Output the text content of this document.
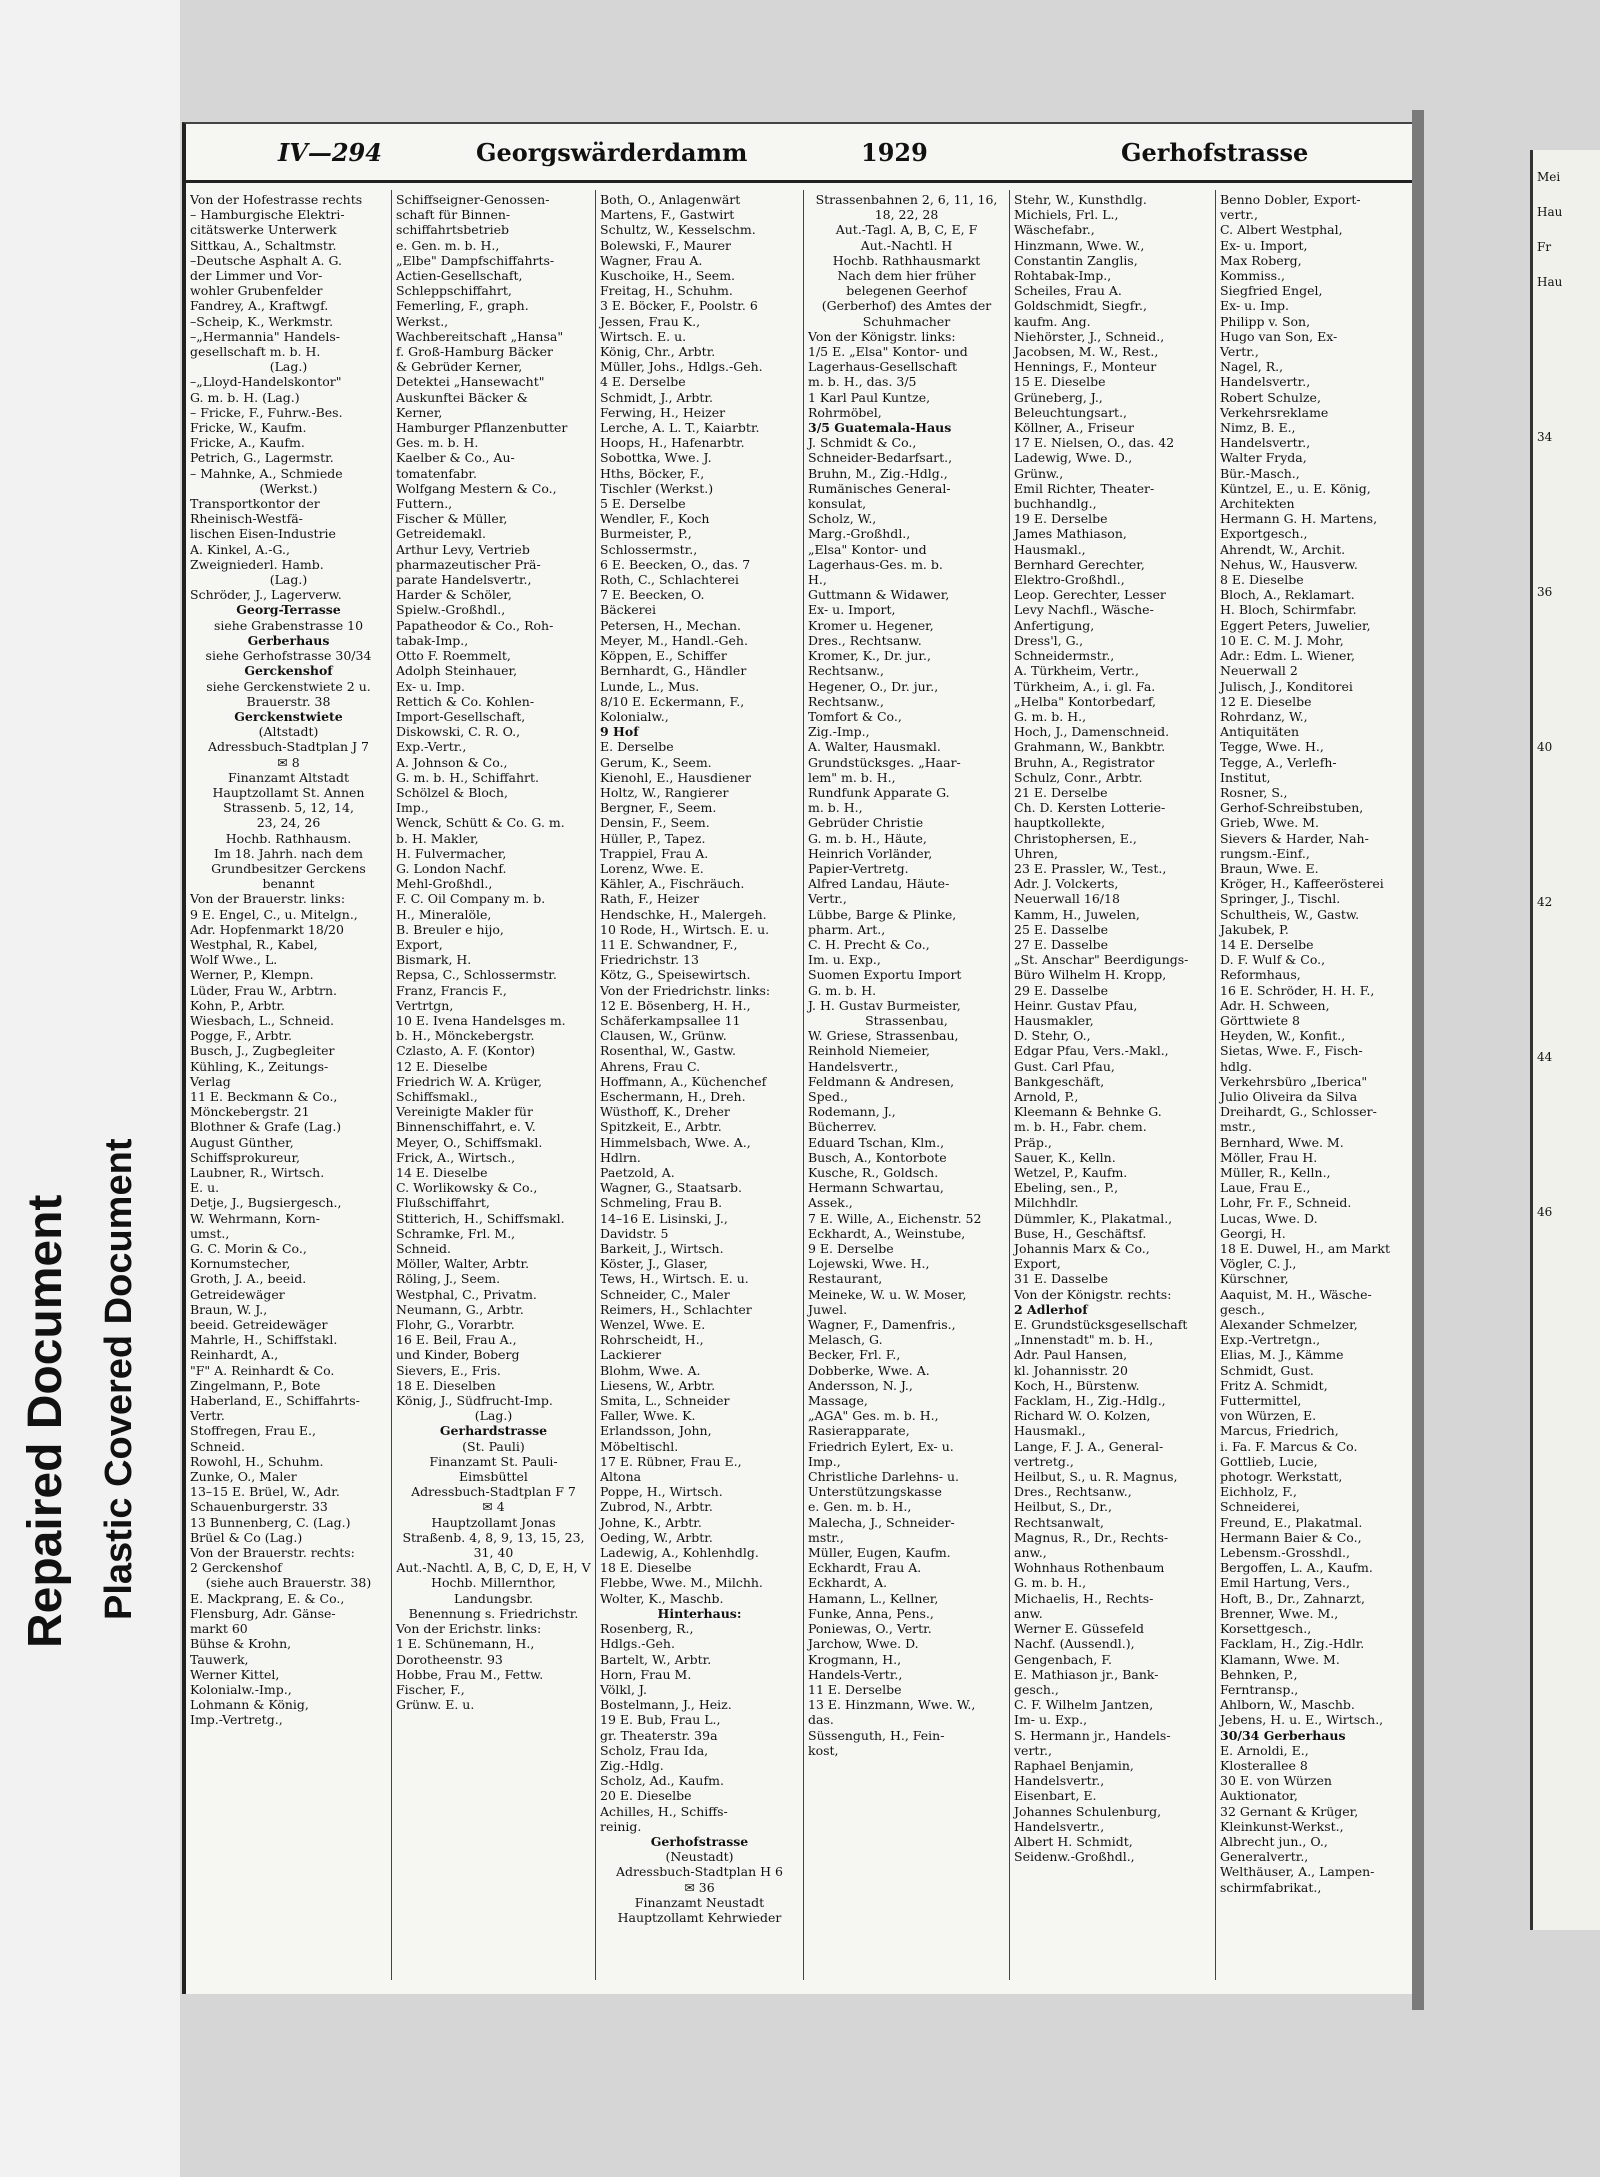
Repaired Document Plastic Covered Document
IV—294	Georgswärderdamm	1929	Gerhofstrasse
Von der Hofestrasse rechts
– Hamburgische Elektri-
citätswerke Unterwerk
Sittkau, A., Schaltmstr.
–Deutsche Asphalt A. G.
der Limmer und Vor-
wohler Grubenfelder
Fandrey, A., Kraftwgf.
–Scheip, K., Werkmstr.
–„Hermannia" Handels-
gesellschaft m. b. H.
(Lag.)
–„Lloyd-Handelskontor"
G. m. b. H. (Lag.)
– Fricke, F., Fuhrw.-Bes.
Fricke, W., Kaufm.
Fricke, A., Kaufm.
Petrich, G., Lagermstr.
– Mahnke, A., Schmiede
(Werkst.)
Transportkontor der
Rheinisch-Westfä-
lischen Eisen-Industrie
A. Kinkel, A.-G.,
Zweigniederl. Hamb.
(Lag.)
Schröder, J., Lagerverw.
Georg-Terrasse
siehe Grabenstrasse 10
Gerberhaus
siehe Gerhofstrasse 30/34
Gerckenshof
siehe Gerckenstwiete 2 u.
Brauerstr. 38
Gerckenstwiete
(Altstadt)
Adressbuch-Stadtplan J 7
✉ 8
Finanzamt Altstadt
Hauptzollamt St. Annen
Strassenb. 5, 12, 14,
23, 24, 26
Hochb. Rathhausm.
Im 18. Jahrh. nach dem
Grundbesitzer Gerckens
benannt
Von der Brauerstr. links:
9 E. Engel, C., u. Mitelgn.,
Adr. Hopfenmarkt 18/20
Westphal, R., Kabel,
Wolf Wwe., L.
Werner, P., Klempn.
Lüder, Frau W., Arbtrn.
Kohn, P., Arbtr.
Wiesbach, L., Schneid.
Pogge, F., Arbtr.
Busch, J., Zugbegleiter
Kühling, K., Zeitungs-
Verlag
11 E. Beckmann & Co.,
Mönckebergstr. 21
Blothner & Grafe (Lag.)
August Günther,
Schiffsprokureur,
Laubner, R., Wirtsch.
E. u.
Detje, J., Bugsiergesch.,
W. Wehrmann, Korn-
umst.,
G. C. Morin & Co.,
Kornumstecher,
Groth, J. A., beeid.
Getreidewäger
Braun, W. J.,
beeid. Getreidewäger
Mahrle, H., Schiffstakl.
Reinhardt, A.,
"F" A. Reinhardt & Co.
Zingelmann, P., Bote
Haberland, E., Schiffahrts-
Vertr.
Stoffregen, Frau E.,
Schneid.
Rowohl, H., Schuhm.
Zunke, O., Maler
13–15 E. Brüel, W., Adr.
Schauenburgerstr. 33
13 Bunnenberg, C. (Lag.)
Brüel & Co (Lag.)
Von der Brauerstr. rechts:
2 Gerckenshof
(siehe auch Brauerstr. 38)
E. Mackprang, E. & Co.,
Flensburg, Adr. Gänse-
markt 60
Bühse & Krohn,
Tauwerk,
Werner Kittel,
Kolonialw.-Imp.,
Lohmann & König,
Imp.-Vertretg.,
Schiffseigner-Genossen-
schaft für Binnen-
schiffahrtsbetrieb
e. Gen. m. b. H.,
„Elbe" Dampfschiffahrts-
Actien-Gesellschaft,
Schleppschiffahrt,
Femerling, F., graph.
Werkst.,
Wachbereitschaft „Hansa"
f. Groß-Hamburg Bäcker
& Gebrüder Kerner,
Detektei „Hansewacht"
Auskunftei Bäcker &
Kerner,
Hamburger Pflanzenbutter
Ges. m. b. H.
Kaelber & Co., Au-
tomatenfabr.
Wolfgang Mestern & Co.,
Futtern.,
Fischer & Müller,
Getreidemakl.
Arthur Levy, Vertrieb
pharmazeutischer Prä-
parate Handelsvertr.,
Harder & Schöler,
Spielw.-Großhdl.,
Papatheodor & Co., Roh-
tabak-Imp.,
Otto F. Roemmelt,
Adolph Steinhauer,
Ex- u. Imp.
Rettich & Co. Kohlen-
Import-Gesellschaft,
Diskowski, C. R. O.,
Exp.-Vertr.,
A. Johnson & Co.,
G. m. b. H., Schiffahrt.
Schölzel & Bloch,
Imp.,
Wenck, Schütt & Co. G. m.
b. H. Makler,
H. Fulvermacher,
G. London Nachf.
Mehl-Großhdl.,
F. C. Oil Company m. b.
H., Mineralöle,
B. Breuler e hijo,
Export,
Bismark, H.
Repsa, C., Schlossermstr.
Franz, Francis F.,
Vertrtgn,
10 E. Ivena Handelsges m.
b. H., Mönckebergstr.
Czlasto, A. F. (Kontor)
12 E. Dieselbe
Friedrich W. A. Krüger,
Schiffsmakl.,
Vereinigte Makler für
Binnenschiffahrt, e. V.
Meyer, O., Schiffsmakl.
Frick, A., Wirtsch.,
14 E. Dieselbe
C. Worlikowsky & Co.,
Flußschiffahrt,
Stitterich, H., Schiffsmakl.
Schramke, Frl. M.,
Schneid.
Möller, Walter, Arbtr.
Röling, J., Seem.
Westphal, C., Privatm.
Neumann, G., Arbtr.
Flohr, G., Vorarbtr.
16 E. Beil, Frau A.,
und Kinder, Boberg
Sievers, E., Fris.
18 E. Dieselben
König, J., Südfrucht-Imp.
(Lag.)
Gerhardstrasse
(St. Pauli)
Finanzamt St. Pauli-
Eimsbüttel
Adressbuch-Stadtplan F 7
✉ 4
Hauptzollamt Jonas
Straßenb. 4, 8, 9, 13, 15, 23,
31, 40
Aut.-Nachtl. A, B, C, D, E, H, V
Hochb. Millernthor,
Landungsbr.
Benennung s. Friedrichstr.
Von der Erichstr. links:
1 E. Schünemann, H.,
Dorotheenstr. 93
Hobbe, Frau M., Fettw.
Fischer, F.,
Grünw. E. u.
Both, O., Anlagenwärt
Martens, F., Gastwirt
Schultz, W., Kesselschm.
Bolewski, F., Maurer
Wagner, Frau A.
Kuschoike, H., Seem.
Freitag, H., Schuhm.
3 E. Böcker, F., Poolstr. 6
Jessen, Frau K.,
Wirtsch. E. u.
König, Chr., Arbtr.
Müller, Johs., Hdlgs.-Geh.
4 E. Derselbe
Schmidt, J., Arbtr.
Ferwing, H., Heizer
Lerche, A. L. T., Kaiarbtr.
Hoops, H., Hafenarbtr.
Sobottka, Wwe. J.
Hths, Böcker, F.,
Tischler (Werkst.)
5 E. Derselbe
Wendler, F., Koch
Burmeister, P.,
Schlossermstr.,
6 E. Beecken, O., das. 7
Roth, C., Schlachterei
7 E. Beecken, O.
Bäckerei
Petersen, H., Mechan.
Meyer, M., Handl.-Geh.
Köppen, E., Schiffer
Bernhardt, G., Händler
Lunde, L., Mus.
8/10 E. Eckermann, F.,
Kolonialw.,
9 Hof
E. Derselbe
Gerum, K., Seem.
Kienohl, E., Hausdiener
Holtz, W., Rangierer
Bergner, F., Seem.
Densin, F., Seem.
Hüller, P., Tapez.
Trappiel, Frau A.
Lorenz, Wwe. E.
Kähler, A., Fischräuch.
Rath, F., Heizer
Hendschke, H., Malergeh.
10 Rode, H., Wirtsch. E. u.
11 E. Schwandner, F.,
Friedrichstr. 13
Kötz, G., Speisewirtsch.
Von der Friedrichstr. links:
12 E. Bösenberg, H. H.,
Schäferkampsallee 11
Clausen, W., Grünw.
Rosenthal, W., Gastw.
Ahrens, Frau C.
Hoffmann, A., Küchenchef
Eschermann, H., Dreh.
Wüsthoff, K., Dreher
Spitzkeit, E., Arbtr.
Himmelsbach, Wwe. A.,
Hdlrn.
Paetzold, A.
Wagner, G., Staatsarb.
Schmeling, Frau B.
14–16 E. Lisinski, J.,
Davidstr. 5
Barkeit, J., Wirtsch.
Köster, J., Glaser,
Tews, H., Wirtsch. E. u.
Schneider, C., Maler
Reimers, H., Schlachter
Wenzel, Wwe. E.
Rohrscheidt, H.,
Lackierer
Blohm, Wwe. A.
Liesens, W., Arbtr.
Smita, L., Schneider
Faller, Wwe. K.
Erlandsson, John,
Möbeltischl.
17 E. Rübner, Frau E.,
Altona
Poppe, H., Wirtsch.
Zubrod, N., Arbtr.
Johne, K., Arbtr.
Oeding, W., Arbtr.
Ladewig, A., Kohlenhdlg.
18 E. Dieselbe
Flebbe, Wwe. M., Milchh.
Wolter, K., Maschb.
Hinterhaus:
Rosenberg, R.,
Hdlgs.-Geh.
Bartelt, W., Arbtr.
Horn, Frau M.
Völkl, J.
Bostelmann, J., Heiz.
19 E. Bub, Frau L.,
gr. Theaterstr. 39a
Scholz, Frau Ida,
Zig.-Hdlg.
Scholz, Ad., Kaufm.
20 E. Dieselbe
Achilles, H., Schiffs-
reinig.
Gerhofstrasse
(Neustadt)
Adressbuch-Stadtplan H 6
✉ 36
Finanzamt Neustadt
Hauptzollamt Kehrwieder
Strassenbahnen 2, 6, 11, 16,
18, 22, 28
Aut.-Tagl. A, B, C, E, F
Aut.-Nachtl. H
Hochb. Rathhausmarkt
Nach dem hier früher
belegenen Geerhof
(Gerberhof) des Amtes der
Schuhmacher
Von der Königstr. links:
1/5 E. „Elsa" Kontor- und
Lagerhaus-Gesellschaft
m. b. H., das. 3/5
1 Karl Paul Kuntze,
Rohrmöbel,
3/5 Guatemala-Haus
J. Schmidt & Co.,
Schneider-Bedarfsart.,
Bruhn, M., Zig.-Hdlg.,
Rumänisches General-
konsulat,
Scholz, W.,
Marg.-Großhdl.,
„Elsa" Kontor- und
Lagerhaus-Ges. m. b.
H.,
Guttmann & Widawer,
Ex- u. Import,
Kromer u. Hegener,
Dres., Rechtsanw.
Kromer, K., Dr. jur.,
Rechtsanw.,
Hegener, O., Dr. jur.,
Rechtsanw.,
Tomfort & Co.,
Zig.-Imp.,
A. Walter, Hausmakl.
Grundstücksges. „Haar-
lem" m. b. H.,
Rundfunk Apparate G.
m. b. H.,
Gebrüder Christie
G. m. b. H., Häute,
Heinrich Vorländer,
Papier-Vertretg.
Alfred Landau, Häute-
Vertr.,
Lübbe, Barge & Plinke,
pharm. Art.,
C. H. Precht & Co.,
Im. u. Exp.,
Suomen Exportu Import
G. m. b. H.
J. H. Gustav Burmeister,
Strassenbau,
W. Griese, Strassenbau,
Reinhold Niemeier,
Handelsvertr.,
Feldmann & Andresen,
Sped.,
Rodemann, J.,
Bücherrev.
Eduard Tschan, Klm.,
Busch, A., Kontorbote
Kusche, R., Goldsch.
Hermann Schwartau,
Assek.,
7 E. Wille, A., Eichenstr. 52
Eckhardt, A., Weinstube,
9 E. Derselbe
Lojewski, Wwe. H.,
Restaurant,
Meineke, W. u. W. Moser,
Juwel.
Wagner, F., Damenfris.,
Melasch, G.
Becker, Frl. F.,
Dobberke, Wwe. A.
Andersson, N. J.,
Massage,
„AGA" Ges. m. b. H.,
Rasierapparate,
Friedrich Eylert, Ex- u.
Imp.,
Christliche Darlehns- u.
Unterstützungskasse
e. Gen. m. b. H.,
Malecha, J., Schneider-
mstr.,
Müller, Eugen, Kaufm.
Eckhardt, Frau A.
Eckhardt, A.
Hamann, L., Kellner,
Funke, Anna, Pens.,
Poniewas, O., Vertr.
Jarchow, Wwe. D.
Krogmann, H.,
Handels-Vertr.,
11 E. Derselbe
13 E. Hinzmann, Wwe. W.,
das.
Süssenguth, H., Fein-
kost,
Stehr, W., Kunsthdlg.
Michiels, Frl. L.,
Wäschefabr.,
Hinzmann, Wwe. W.,
Constantin Zanglis,
Rohtabak-Imp.,
Scheiles, Frau A.
Goldschmidt, Siegfr.,
kaufm. Ang.
Niehörster, J., Schneid.,
Jacobsen, M. W., Rest.,
Hennings, F., Monteur
15 E. Dieselbe
Grüneberg, J.,
Beleuchtungsart.,
Köllner, A., Friseur
17 E. Nielsen, O., das. 42
Ladewig, Wwe. D.,
Grünw.,
Emil Richter, Theater-
buchhandlg.,
19 E. Derselbe
James Mathiason,
Hausmakl.,
Bernhard Gerechter,
Elektro-Großhdl.,
Leop. Gerechter, Lesser
Levy Nachfl., Wäsche-
Anfertigung,
Dress'l, G.,
Schneidermstr.,
A. Türkheim, Vertr.,
Türkheim, A., i. gl. Fa.
„Helba" Kontorbedarf,
G. m. b. H.,
Hoch, J., Damenschneid.
Grahmann, W., Bankbtr.
Bruhn, A., Registrator
Schulz, Conr., Arbtr.
21 E. Derselbe
Ch. D. Kersten Lotterie-
hauptkollekte,
Christophersen, E.,
Uhren,
23 E. Prassler, W., Test.,
Adr. J. Volckerts,
Neuerwall 16/18
Kamm, H., Juwelen,
25 E. Dasselbe
27 E. Dasselbe
„St. Anschar" Beerdigungs-
Büro Wilhelm H. Kropp,
29 E. Dasselbe
Heinr. Gustav Pfau,
Hausmakler,
D. Stehr, O.,
Edgar Pfau, Vers.-Makl.,
Gust. Carl Pfau,
Bankgeschäft,
Arnold, P.,
Kleemann & Behnke G.
m. b. H., Fabr. chem.
Präp.,
Sauer, K., Kelln.
Wetzel, P., Kaufm.
Ebeling, sen., P.,
Milchhdlr.
Dümmler, K., Plakatmal.,
Buse, H., Geschäftsf.
Johannis Marx & Co.,
Export,
31 E. Dasselbe
Von der Königstr. rechts:
2 Adlerhof
E. Grundstücksgesellschaft
„Innenstadt" m. b. H.,
Adr. Paul Hansen,
kl. Johannisstr. 20
Koch, H., Bürstenw.
Facklam, H., Zig.-Hdlg.,
Richard W. O. Kolzen,
Hausmakl.,
Lange, F. J. A., General-
vertretg.,
Heilbut, S., u. R. Magnus,
Dres., Rechtsanw.,
Heilbut, S., Dr.,
Rechtsanwalt,
Magnus, R., Dr., Rechts-
anw.,
Wohnhaus Rothenbaum
G. m. b. H.,
Michaelis, H., Rechts-
anw.
Werner E. Güssefeld
Nachf. (Aussendl.),
Gengenbach, F.
E. Mathiason jr., Bank-
gesch.,
C. F. Wilhelm Jantzen,
Im- u. Exp.,
S. Hermann jr., Handels-
vertr.,
Raphael Benjamin,
Handelsvertr.,
Eisenbart, E.
Johannes Schulenburg,
Handelsvertr.,
Albert H. Schmidt,
Seidenw.-Großhdl.,
Benno Dobler, Export-
vertr.,
C. Albert Westphal,
Ex- u. Import,
Max Roberg,
Kommiss.,
Siegfried Engel,
Ex- u. Imp.
Philipp v. Son,
Hugo van Son, Ex-
Vertr.,
Nagel, R.,
Handelsvertr.,
Robert Schulze,
Verkehrsreklame
Nimz, B. E.,
Handelsvertr.,
Walter Fryda,
Bür.-Masch.,
Küntzel, E., u. E. König,
Architekten
Hermann G. H. Martens,
Exportgesch.,
Ahrendt, W., Archit.
Nehus, W., Hausverw.
8 E. Dieselbe
Bloch, A., Reklamart.
H. Bloch, Schirmfabr.
Eggert Peters, Juwelier,
10 E. C. M. J. Mohr,
Adr.: Edm. L. Wiener,
Neuerwall 2
Julisch, J., Konditorei
12 E. Dieselbe
Rohrdanz, W.,
Antiquitäten
Tegge, Wwe. H.,
Tegge, A., Verlefh-
Institut,
Rosner, S.,
Gerhof-Schreibstuben,
Grieb, Wwe. M.
Sievers & Harder, Nah-
rungsm.-Einf.,
Braun, Wwe. E.
Kröger, H., Kaffeerösterei
Springer, J., Tischl.
Schultheis, W., Gastw.
Jakubek, P.
14 E. Derselbe
D. F. Wulf & Co.,
Reformhaus,
16 E. Schröder, H. H. F.,
Adr. H. Schween,
Görttwiete 8
Heyden, W., Konfit.,
Sietas, Wwe. F., Fisch-
hdlg.
Verkehrsbüro „Iberica"
Julio Oliveira da Silva
Dreihardt, G., Schlosser-
mstr.,
Bernhard, Wwe. M.
Möller, Frau H.
Müller, R., Kelln.,
Laue, Frau E.,
Lohr, Fr. F., Schneid.
Lucas, Wwe. D.
Georgi, H.
18 E. Duwel, H., am Markt
Vögler, C. J.,
Kürschner,
Aaquist, M. H., Wäsche-
gesch.,
Alexander Schmelzer,
Exp.-Vertretgn.,
Elias, M. J., Kämme
Schmidt, Gust.
Fritz A. Schmidt,
Futtermittel,
von Würzen, E.
Marcus, Friedrich,
i. Fa. F. Marcus & Co.
Gottlieb, Lucie,
photogr. Werkstatt,
Eichholz, F.,
Schneiderei,
Freund, E., Plakatmal.
Hermann Baier & Co.,
Lebensm.-Grosshdl.,
Bergoffen, L. A., Kaufm.
Emil Hartung, Vers.,
Hoft, B., Dr., Zahnarzt,
Brenner, Wwe. M.,
Korsettgesch.,
Facklam, H., Zig.-Hdlr.
Klamann, Wwe. M.
Behnken, P.,
Ferntransp.,
Ahlborn, W., Maschb.
Jebens, H. u. E., Wirtsch.,
30/34 Gerberhaus
E. Arnoldi, E.,
Klosterallee 8
30 E. von Würzen
Auktionator,
32 Gernant & Krüger,
Kleinkunst-Werkst.,
Albrecht jun., O.,
Generalvertr.,
Welthäuser, A., Lampen-
schirmfabrikat.,
Mei
Hau
Fr
Hau
34
36
40
42
44
46
